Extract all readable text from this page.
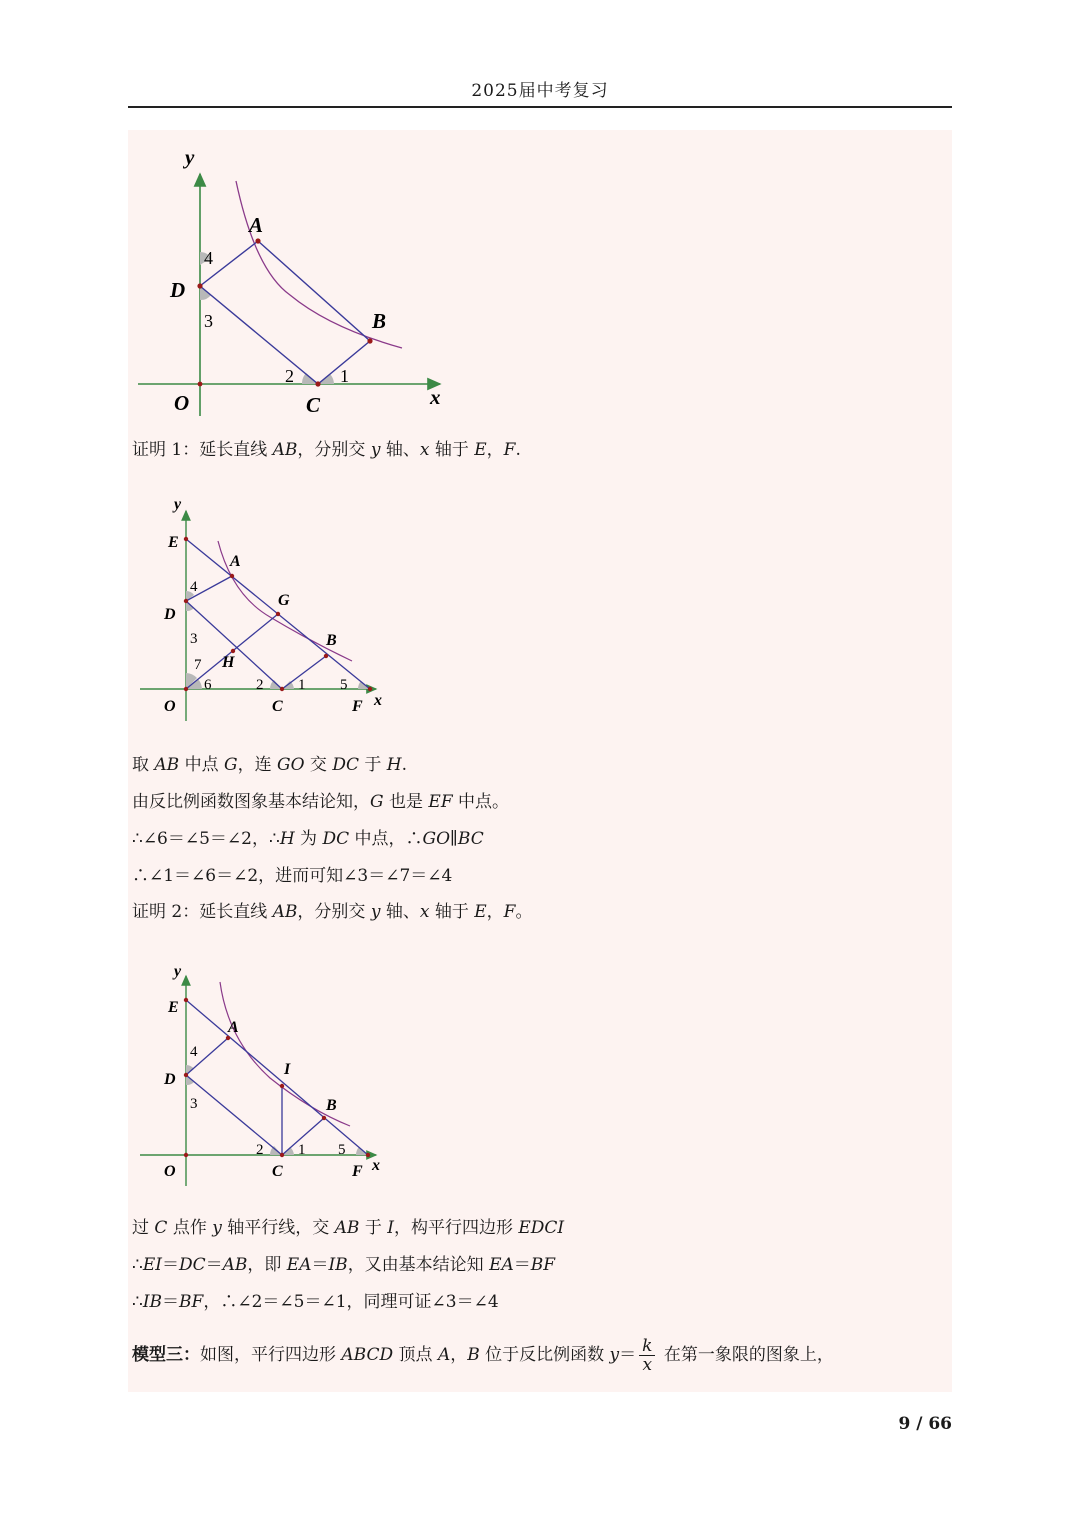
2025届中考复习
y
A
4
D
3	B
2	1
O	C	x
证明 1：延长直线 AB，分别交 y 轴、x 轴于 E，F.
y
E
A
4
G
D
3	B
7 H
6	2 1 5
O	C	F x
取 AB 中点 G，连 GO 交 DC 于 H.
由反比例函数图象基本结论知，G 也是 EF 中点。
∴∠6＝∠5＝∠2，∴H 为 DC 中点，∴GO∥BC
∴∠1＝∠6＝∠2，进而可知∠3＝∠7＝∠4
证明 2：延长直线 AB，分别交 y 轴、x 轴于 E，F。
y
E
A
4
I
D
3	B
2 1 5
O	C	F x
过 C 点作 y 轴平行线，交 AB 于 I，构平行四边形 EDCI
∴EI＝DC＝AB，即 EA＝IB，又由基本结论知 EA＝BF
∴IB＝BF，∴∠2＝∠5＝∠1，同理可证∠3＝∠4
模型三：如图，平行四边形 ABCD 顶点 A，B 位于反比例函数 $y= \frac{k}{x}$ 在第一象限的图象上，
9 / 66
